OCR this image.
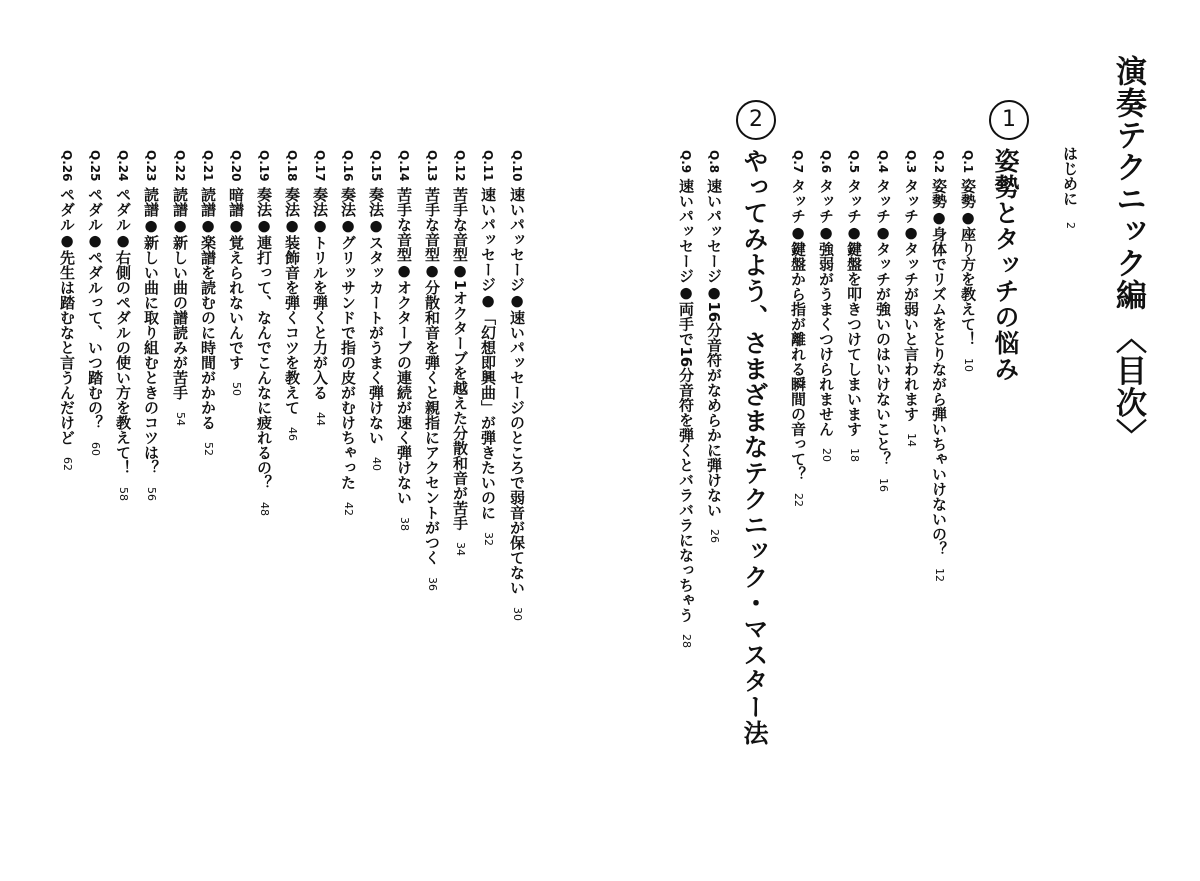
演奏テクニック編 〈目次〉
はじめに2
1
姿勢とタッチの悩み
2
やってみよう、さまざまなテクニック・マスター法	Q.1 姿勢●座り方を教えて！10
Q.2 姿勢●身体でリズムをとりながら弾いちゃいけないの？12
Q.3 タッチ●タッチが弱いと言われます14
Q.4 タッチ●タッチが強いのはいけないこと？16
Q.5 タッチ●鍵盤を叩きつけてしまいます18
Q.6 タッチ●強弱がうまくつけられません20
Q.7 タッチ●鍵盤から指が離れる瞬間の音って？22
Q.8 速いパッセージ●16分音符がなめらかに弾けない26
Q.9 速いパッセージ●両手で16分音符を弾くとバラバラになっちゃう28
Q.10 速いパッセージ●速いパッセージのところで弱音が保てない30
Q.11 速いパッセージ●「幻想即興曲」が弾きたいのに32
Q.12 苦手な音型●1オクターブを越えた分散和音が苦手34
Q.13 苦手な音型●分散和音を弾くと親指にアクセントがつく36
Q.14 苦手な音型●オクターブの連続が速く弾けない38
Q.15 奏法●スタッカートがうまく弾けない40
Q.16 奏法●グリッサンドで指の皮がむけちゃった42
Q.17 奏法●トリルを弾くと力が入る44
Q.18 奏法●装飾音を弾くコツを教えて46
Q.19 奏法●連打って、なんでこんなに疲れるの？48
Q.20 暗譜●覚えられないんです50
Q.21 読譜●楽譜を読むのに時間がかかる52
Q.22 読譜●新しい曲の譜読みが苦手54
Q.23 読譜●新しい曲に取り組むときのコツは？56
Q.24 ペダル●右側のペダルの使い方を教えて！58
Q.25 ペダル●ペダルって、いつ踏むの？60
Q.26 ペダル●先生は踏むなと言うんだけど62
